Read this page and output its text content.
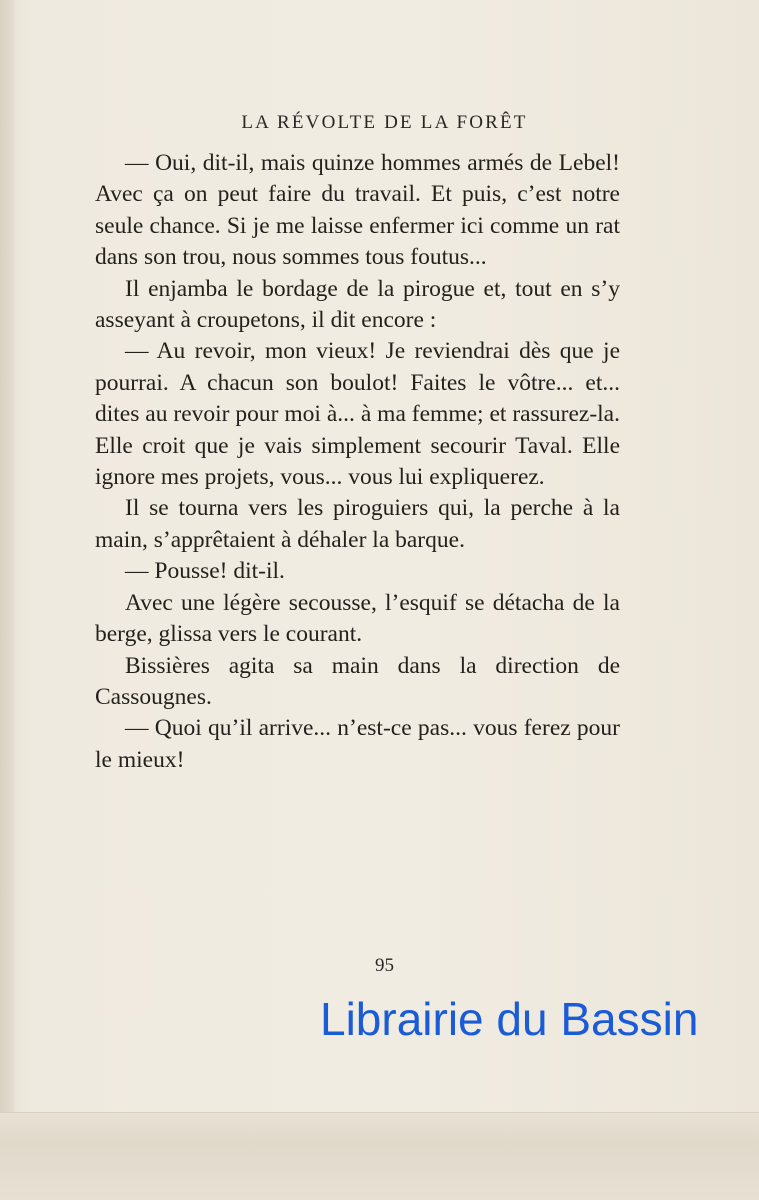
LA RÉVOLTE DE LA FORÊT

— Oui, dit-il, mais quinze hommes armés de Lebel! Avec ça on peut faire du travail. Et puis, c’est notre seule chance. Si je me laisse enfermer ici comme un rat dans son trou, nous sommes tous foutus...

Il enjamba le bordage de la pirogue et, tout en s’y asseyant à croupetons, il dit encore :

— Au revoir, mon vieux! Je reviendrai dès que je pourrai. A chacun son boulot! Faites le vôtre... et... dites au revoir pour moi à... à ma femme; et rassurez-la. Elle croit que je vais simplement secourir Taval. Elle ignore mes projets, vous... vous lui expliquerez.

Il se tourna vers les piroguiers qui, la perche à la main, s’apprêtaient à déhaler la barque.

— Pousse! dit-il.

Avec une légère secousse, l’esquif se détacha de la berge, glissa vers le courant.

Bissières agita sa main dans la direction de Cassougnes.

— Quoi qu’il arrive... n’est-ce pas... vous ferez pour le mieux!

95
Librairie du Bassin
